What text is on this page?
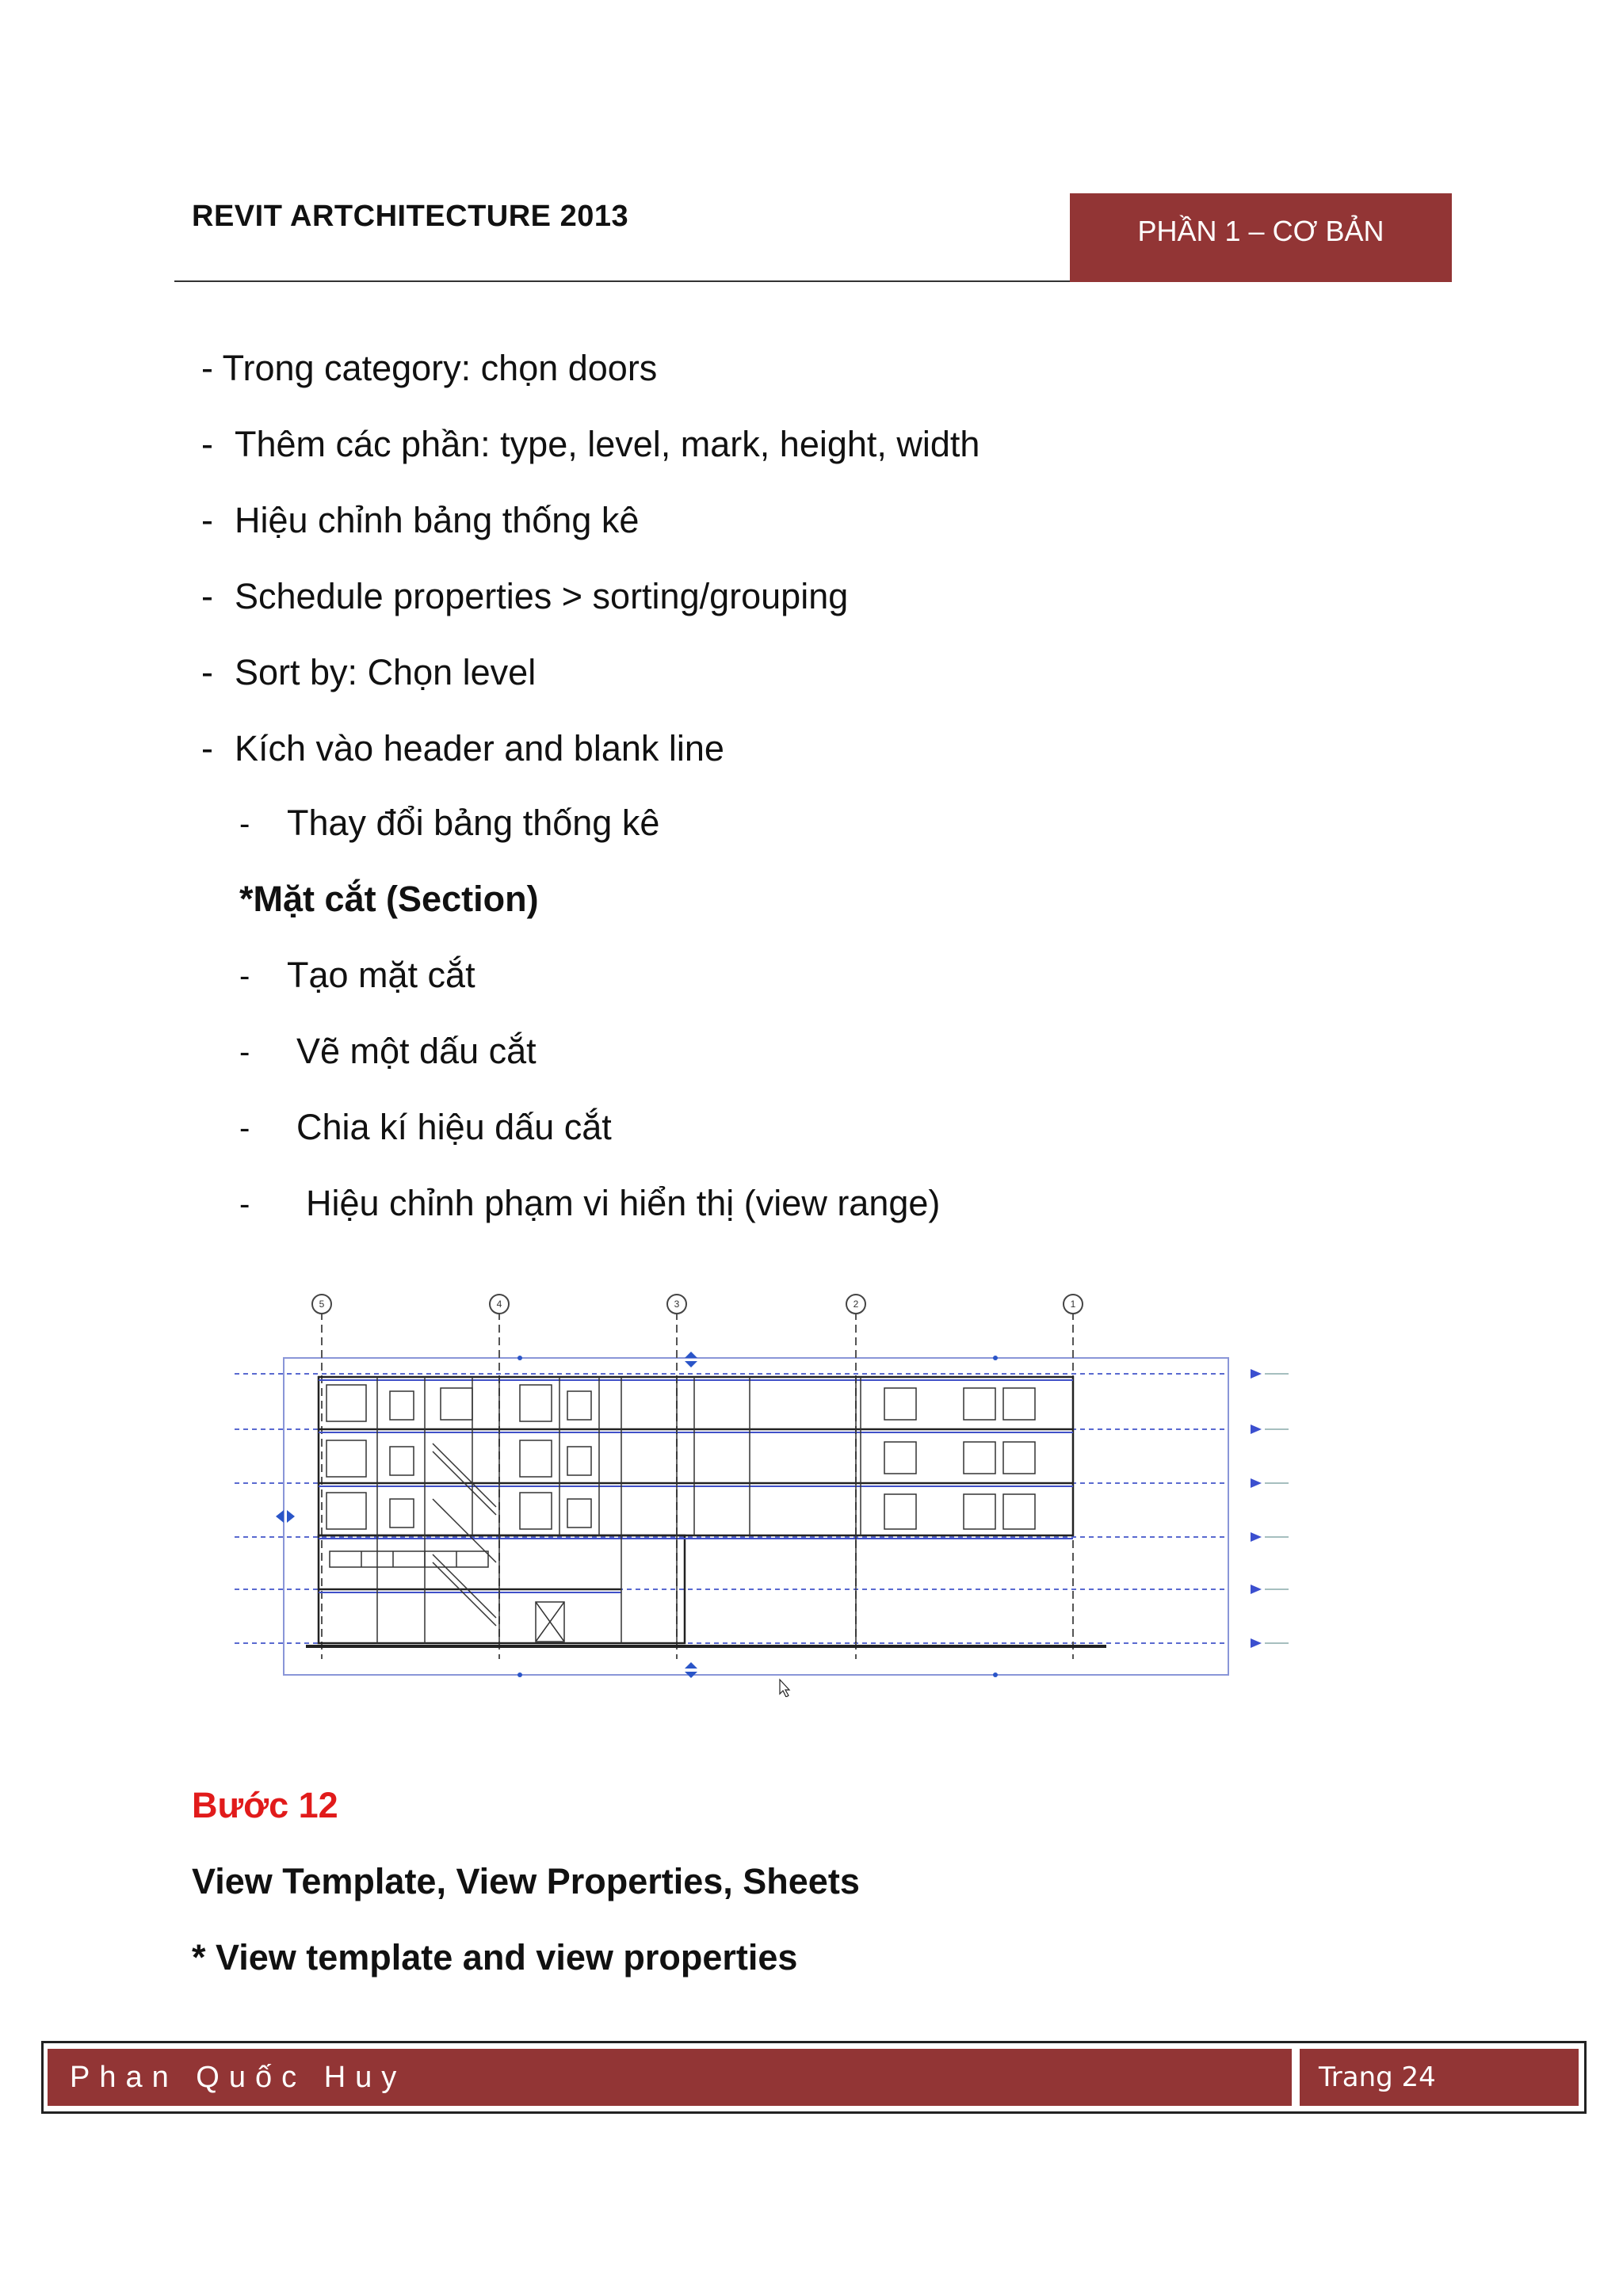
REVIT ARTCHITECTURE 2013	PHẦN 1 – CƠ BẢN
- Trong category: chọn doors
- Thêm các phần: type, level, mark, height, width
- Hiệu chỉnh bảng thống kê
- Schedule properties > sorting/grouping
- Sort by: Chọn level
- Kích vào header and blank line
- Thay đổi bảng thống kê
*Mặt cắt (Section)
- Tạo mặt cắt
- Vẽ một dấu cắt
- Chia kí hiệu dấu cắt
- Hiệu chỉnh phạm vi hiển thị (view range)
5	4	3	2	1
Bước 12
View Template, View Properties, Sheets
* View template and view properties
Phan Quốc Huy	Trang 24
